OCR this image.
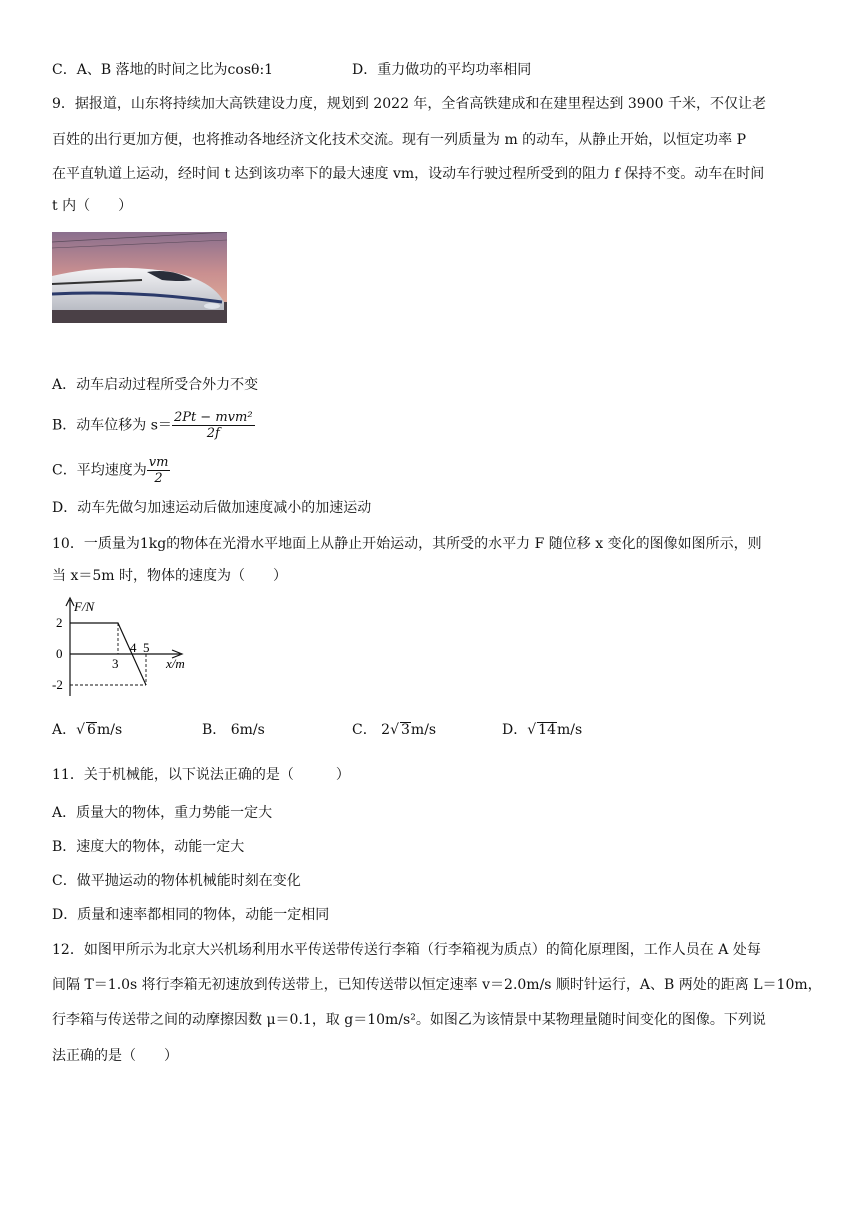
C．A、B 落地的时间之比为cosθ:1	D．重力做功的平均功率相同
9．据报道，山东将持续加大高铁建设力度，规划到 2022 年，全省高铁建成和在建里程达到 3900 千米，不仅让老
百姓的出行更加方便，也将推动各地经济文化技术交流。现有一列质量为 m 的动车，从静止开始，以恒定功率 P
在平直轨道上运动，经时间 t 达到该功率下的最大速度 vm，设动车行驶过程所受到的阻力 f 保持不变。动车在时间
t 内（　　）
A．动车启动过程所受合外力不变
B．动车位移为 $s= \frac{\text{2Pt − mvm²}}{2f}$
C．平均速度为 $\frac{vm}{2}$
D．动车先做匀加速运动后做加速度减小的加速运动
10．一质量为1kg的物体在光滑水平地面上从静止开始运动，其所受的水平力 F 随位移 x 变化的图像如图所示，则
当 x＝5m 时，物体的速度为（　　）
F/N
x/m
2
0
-2
3
4 5
A．√ 6m/s	B． 6m/s	C． 2√ 3m/s	D．√ 14m/s
11．关于机械能，以下说法正确的是（　　　）
A．质量大的物体，重力势能一定大
B．速度大的物体，动能一定大
C．做平抛运动的物体机械能时刻在变化
D．质量和速率都相同的物体，动能一定相同
12．如图甲所示为北京大兴机场利用水平传送带传送行李箱（行李箱视为质点）的简化原理图，工作人员在 A 处每
间隔 T＝1.0s 将行李箱无初速放到传送带上，已知传送带以恒定速率 v＝2.0m/s 顺时针运行，A、B 两处的距离 L＝10m，
行李箱与传送带之间的动摩擦因数 μ＝0.1，取 g＝10m/s²。如图乙为该情景中某物理量随时间变化的图像。下列说
法正确的是（　　）
